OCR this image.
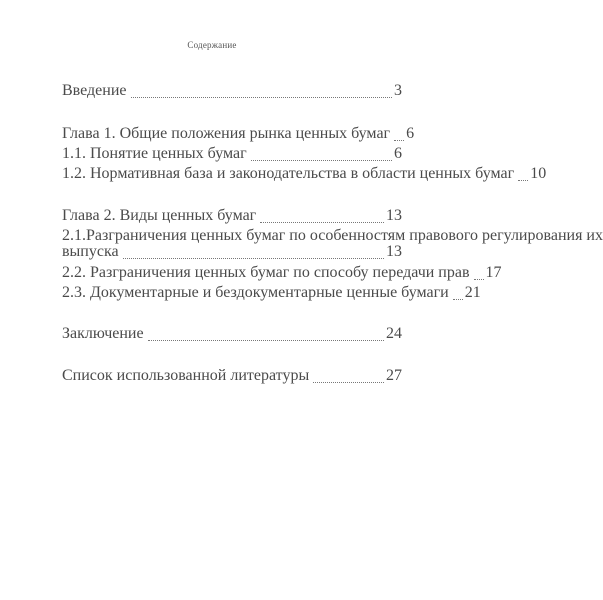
Содержание
Введение	3
Глава 1. Общие положения рынка ценных бумаг 6
1.1. Понятие ценных бумаг	6
1.2. Нормативная база и законодательства в области ценных бумаг 10
Глава 2. Виды ценных бумаг	13
2.1.Разграничения ценных бумаг по особенностям правового регулирования их
выпуска	13
2.2. Разграничения ценных бумаг по способу передачи прав 17
2.3. Документарные и бездокументарные ценные бумаги 21
Заключение	24
Список использованной литературы	27
